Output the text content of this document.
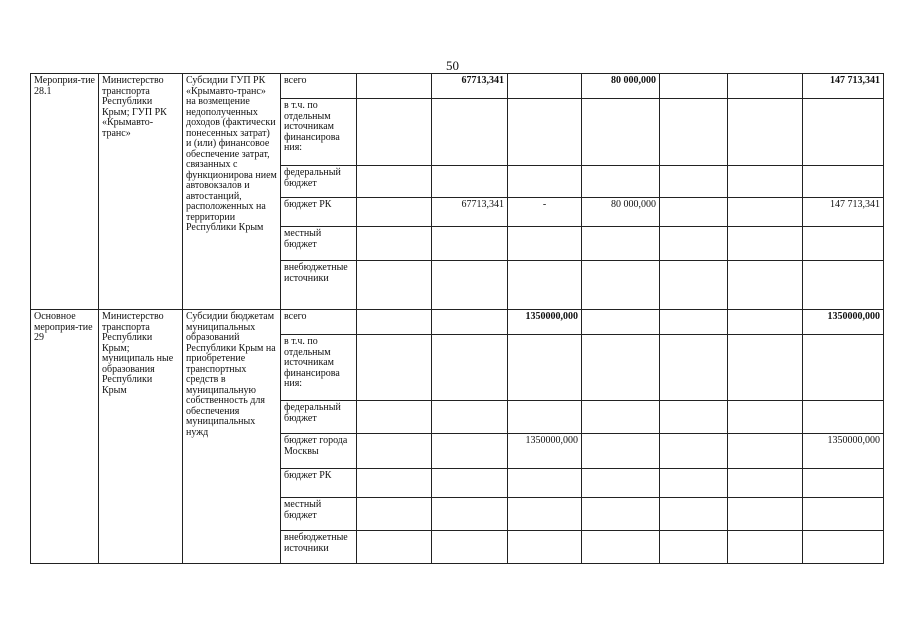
50
Мероприя-тие 28.1	Министерство транспорта Республики Крым; ГУП РК «Крымавто-транс»	Субсидии ГУП РК «Крымавто-транс» на возмещение недополученных доходов (фактически понесенных затрат) и (или) финансовое обеспечение затрат, связанных с функционирова нием автовокзалов и автостанций, расположенных на территории Республики Крым	всего		67713,341		80 000,000			147 713,341
			в т.ч. по отдельным источникам финансирова ния:							
			федеральный бюджет							
			бюджет РК		67713,341	-	80 000,000			147 713,341
			местный бюджет							
			внебюджетные источники							
Основное мероприя-тие 29	Министерство транспорта Республики Крым; муниципаль ные образования Республики Крым	Субсидии бюджетам муниципальных образований Республики Крым на приобретение транспортных средств в муниципальную собственность для обеспечения муниципальных нужд	всего			1350000,000				1350000,000
			в т.ч. по отдельным источникам финансирова ния:							
			федеральный бюджет							
			бюджет города Москвы			1350000,000				1350000,000
			бюджет РК							
			местный бюджет							
			внебюджетные источники							
